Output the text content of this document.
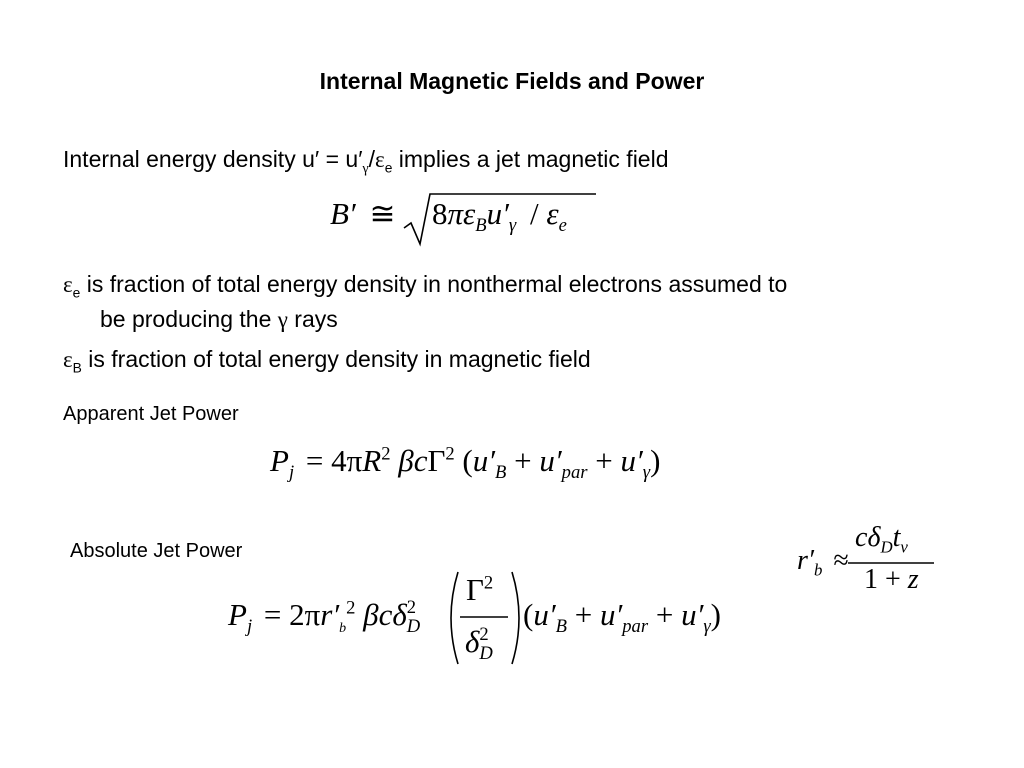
Internal Magnetic Fields and Power
Internal energy density $u' = u'_\gamma/\varepsilon_e$ implies a jet magnetic field
B′ ≅ $8\pi\varepsilon_Bu'_\gamma / \varepsilon_e$
$\varepsilon_e$ is fraction of total energy density in nonthermal electrons assumed to
be producing the γ rays
$\varepsilon_B$ is fraction of total energy density in magnetic field
Apparent Jet Power
$P_j = 4\pi R^2$ βcΓ$^2$ $(u'_B + u'_{par} + u'_\gamma)$
Absolute Jet Power
$P_j = 2\pi r'_b^2$ βcδ 2
D
$\Gamma^2$
δ 2
D
$(u'_B + u'_{par} + u'_\gamma)$
$r'_b$ ≈
$c\delta_Dt_v$
1 + z
